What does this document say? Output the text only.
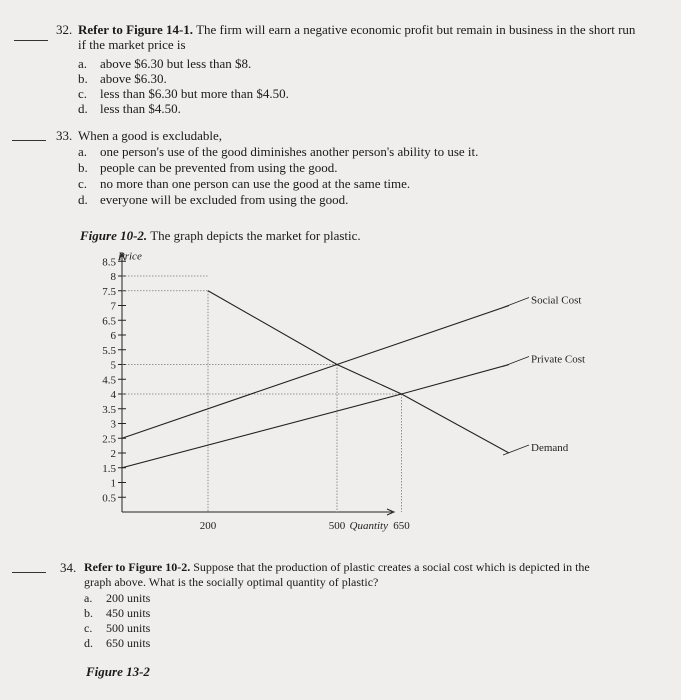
32. Refer to Figure 14-1. The firm will earn a negative economic profit but remain in business in the short run
if the market price is
a. above $6.30 but less than $8.
b. above $6.30.
c. less than $6.30 but more than $4.50.
d. less than $4.50.
33. When a good is excludable,
a. one person's use of the good diminishes another person's ability to use it.
b. people can be prevented from using the good.
c. no more than one person can use the good at the same time.
d. everyone will be excluded from using the good.
Figure 10-2. The graph depicts the market for plastic.
8.5
8
7.5
7
6.5
6
5.5
5
4.5
4
3.5
3
2.5
2
1.5
1
0.5
200	500	650
Social Cost
Private Cost
Demand
Price
Quantity
34. Refer to Figure 10-2. Suppose that the production of plastic creates a social cost which is depicted in the
graph above. What is the socially optimal quantity of plastic?
a. 200 units
b. 450 units
c. 500 units
d. 650 units
Figure 13-2
